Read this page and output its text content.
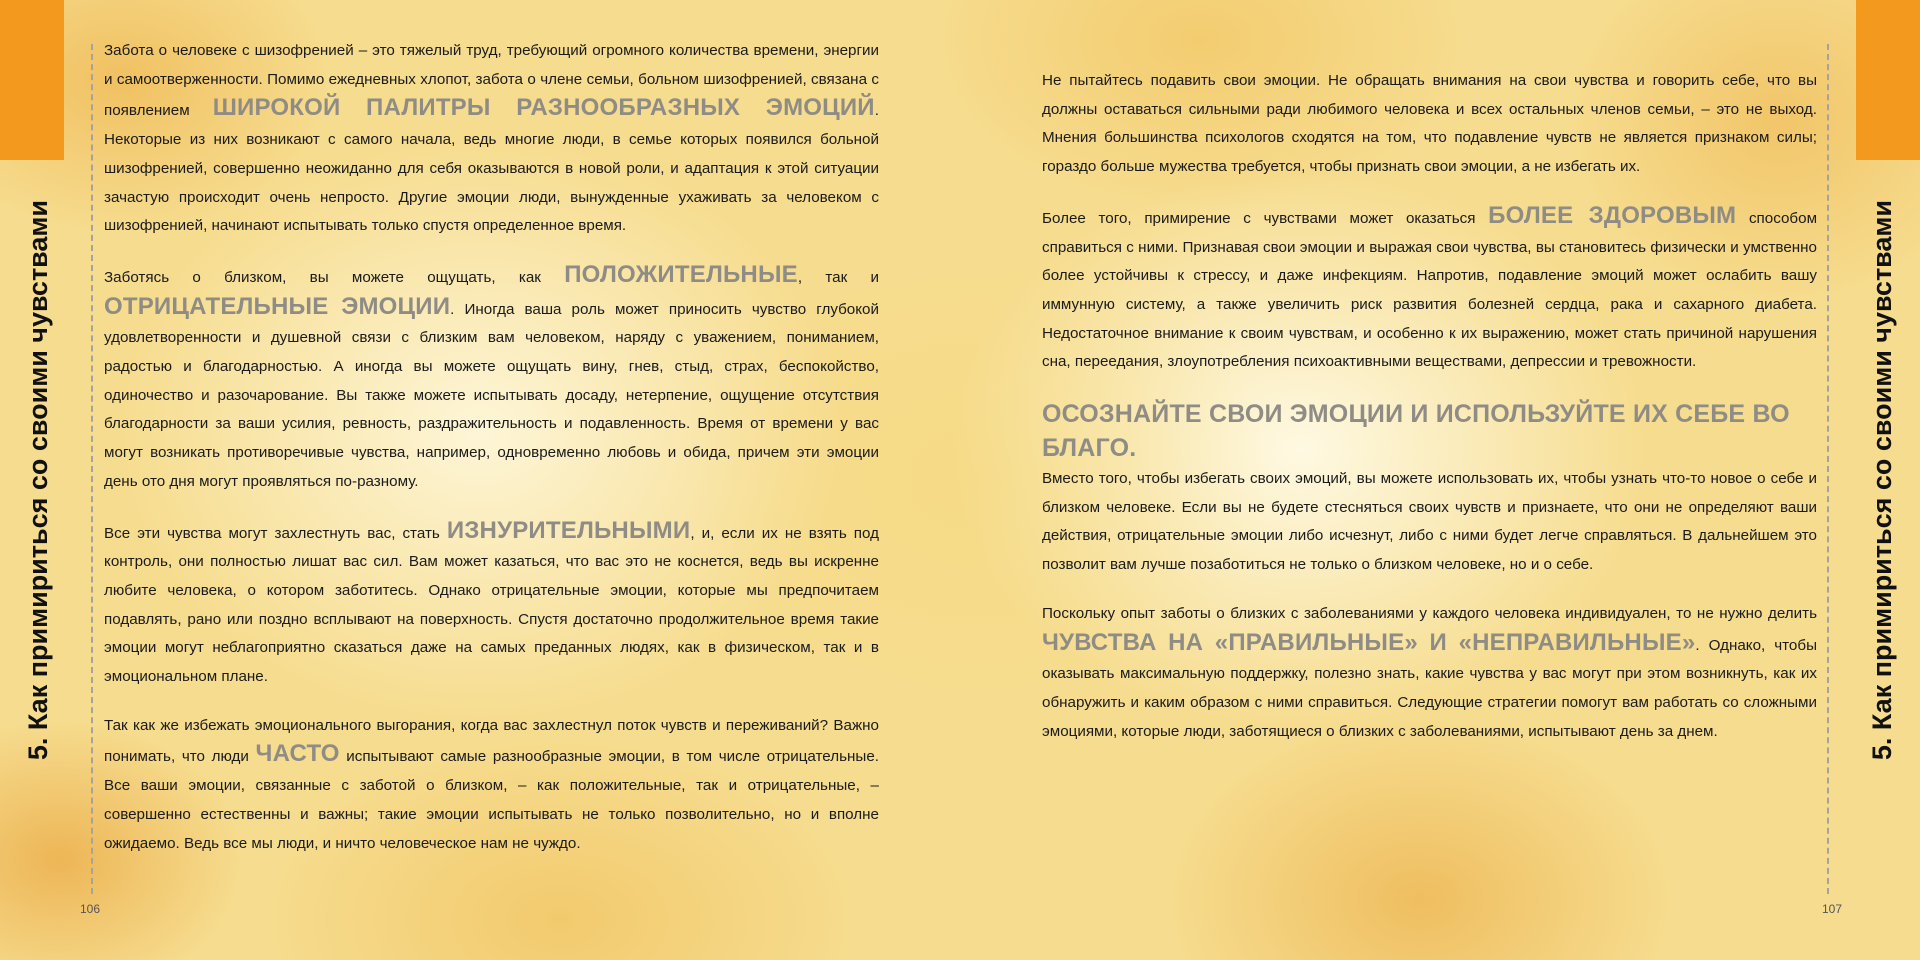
5. Как примириться со своими чувствами	5. Как примириться со своими чувствами

Забота о человеке с шизофренией – это тяжелый труд, требующий огромного количества времени, энергии и самоотверженности. Помимо ежедневных хлопот, забота о члене семьи, больном шизофренией, связана с появлением ШИРОКОЙ ПАЛИТРЫ РАЗНООБРАЗНЫХ ЭМОЦИЙ. Некоторые из них возникают с самого начала, ведь многие люди, в семье которых появился больной шизофренией, совершенно неожиданно для себя оказываются в новой роли, и адаптация к этой ситуации зачастую происходит очень непросто. Другие эмоции люди, вынужденные ухаживать за человеком с шизофренией, начинают испытывать только спустя определенное время.

Заботясь о близком, вы можете ощущать, как ПОЛОЖИТЕЛЬНЫЕ, так и ОТРИЦАТЕЛЬНЫЕ ЭМОЦИИ. Иногда ваша роль может приносить чувство глубокой удовлетворенности и душевной связи с близким вам человеком, наряду с уважением, пониманием, радостью и благодарностью. А иногда вы можете ощущать вину, гнев, стыд, страх, беспокойство, одиночество и разочарование. Вы также можете испытывать досаду, нетерпение, ощущение отсутствия благодарности за ваши усилия, ревность, раздражительность и подавленность. Время от времени у вас могут возникать противоречивые чувства, например, одновременно любовь и обида, причем эти эмоции день ото дня могут проявляться по-разному.

Все эти чувства могут захлестнуть вас, стать ИЗНУРИТЕЛЬНЫМИ, и, если их не взять под контроль, они полностью лишат вас сил. Вам может казаться, что вас это не коснется, ведь вы искренне любите человека, о котором заботитесь. Однако отрицательные эмоции, которые мы предпочитаем подавлять, рано или поздно всплывают на поверхность. Спустя достаточно продолжительное время такие эмоции могут неблагоприятно сказаться даже на самых преданных людях, как в физическом, так и в эмоциональном плане.

Так как же избежать эмоционального выгорания, когда вас захлестнул поток чувств и переживаний? Важно понимать, что люди ЧАСТО испытывают самые разнообразные эмоции, в том числе отрицательные. Все ваши эмоции, связанные с заботой о близком, – как положительные, так и отрицательные, – совершенно естественны и важны; такие эмоции испытывать не только позволительно, но и вполне ожидаемо. Ведь все мы люди, и ничто человеческое нам не чуждо.

Не пытайтесь подавить свои эмоции. Не обращать внимания на свои чувства и говорить себе, что вы должны оставаться сильными ради любимого человека и всех остальных членов семьи, – это не выход. Мнения большинства психологов сходятся на том, что подавление чувств не является признаком силы; гораздо больше мужества требуется, чтобы признать свои эмоции, а не избегать их.

Более того, примирение с чувствами может оказаться БОЛЕЕ ЗДОРОВЫМ способом справиться с ними. Признавая свои эмоции и выражая свои чувства, вы становитесь физически и умственно более устойчивы к стрессу, и даже инфекциям. Напротив, подавление эмоций может ослабить вашу иммунную систему, а также увеличить риск развития болезней сердца, рака и сахарного диабета. Недостаточное внимание к своим чувствам, и особенно к их выражению, может стать причиной нарушения сна, переедания, злоупотребления психоактивными веществами, депрессии и тревожности.

ОСОЗНАЙТЕ СВОИ ЭМОЦИИ И ИСПОЛЬЗУЙТЕ ИХ СЕБЕ ВО БЛАГО.

Вместо того, чтобы избегать своих эмоций, вы можете использовать их, чтобы узнать что-то новое о себе и близком человеке. Если вы не будете стесняться своих чувств и признаете, что они не определяют ваши действия, отрицательные эмоции либо исчезнут, либо с ними будет легче справляться. В дальнейшем это позволит вам лучше позаботиться не только о близком человеке, но и о себе.

Поскольку опыт заботы о близких с заболеваниями у каждого человека индивидуален, то не нужно делить ЧУВСТВА НА «ПРАВИЛЬНЫЕ» И «НЕПРАВИЛЬНЫЕ». Однако, чтобы оказывать максимальную поддержку, полезно знать, какие чувства у вас могут при этом возникнуть, как их обнаружить и каким образом с ними справиться. Следующие стратегии помогут вам работать со сложными эмоциями, которые люди, заботящиеся о близких с заболеваниями, испытывают день за днем.

106	107
